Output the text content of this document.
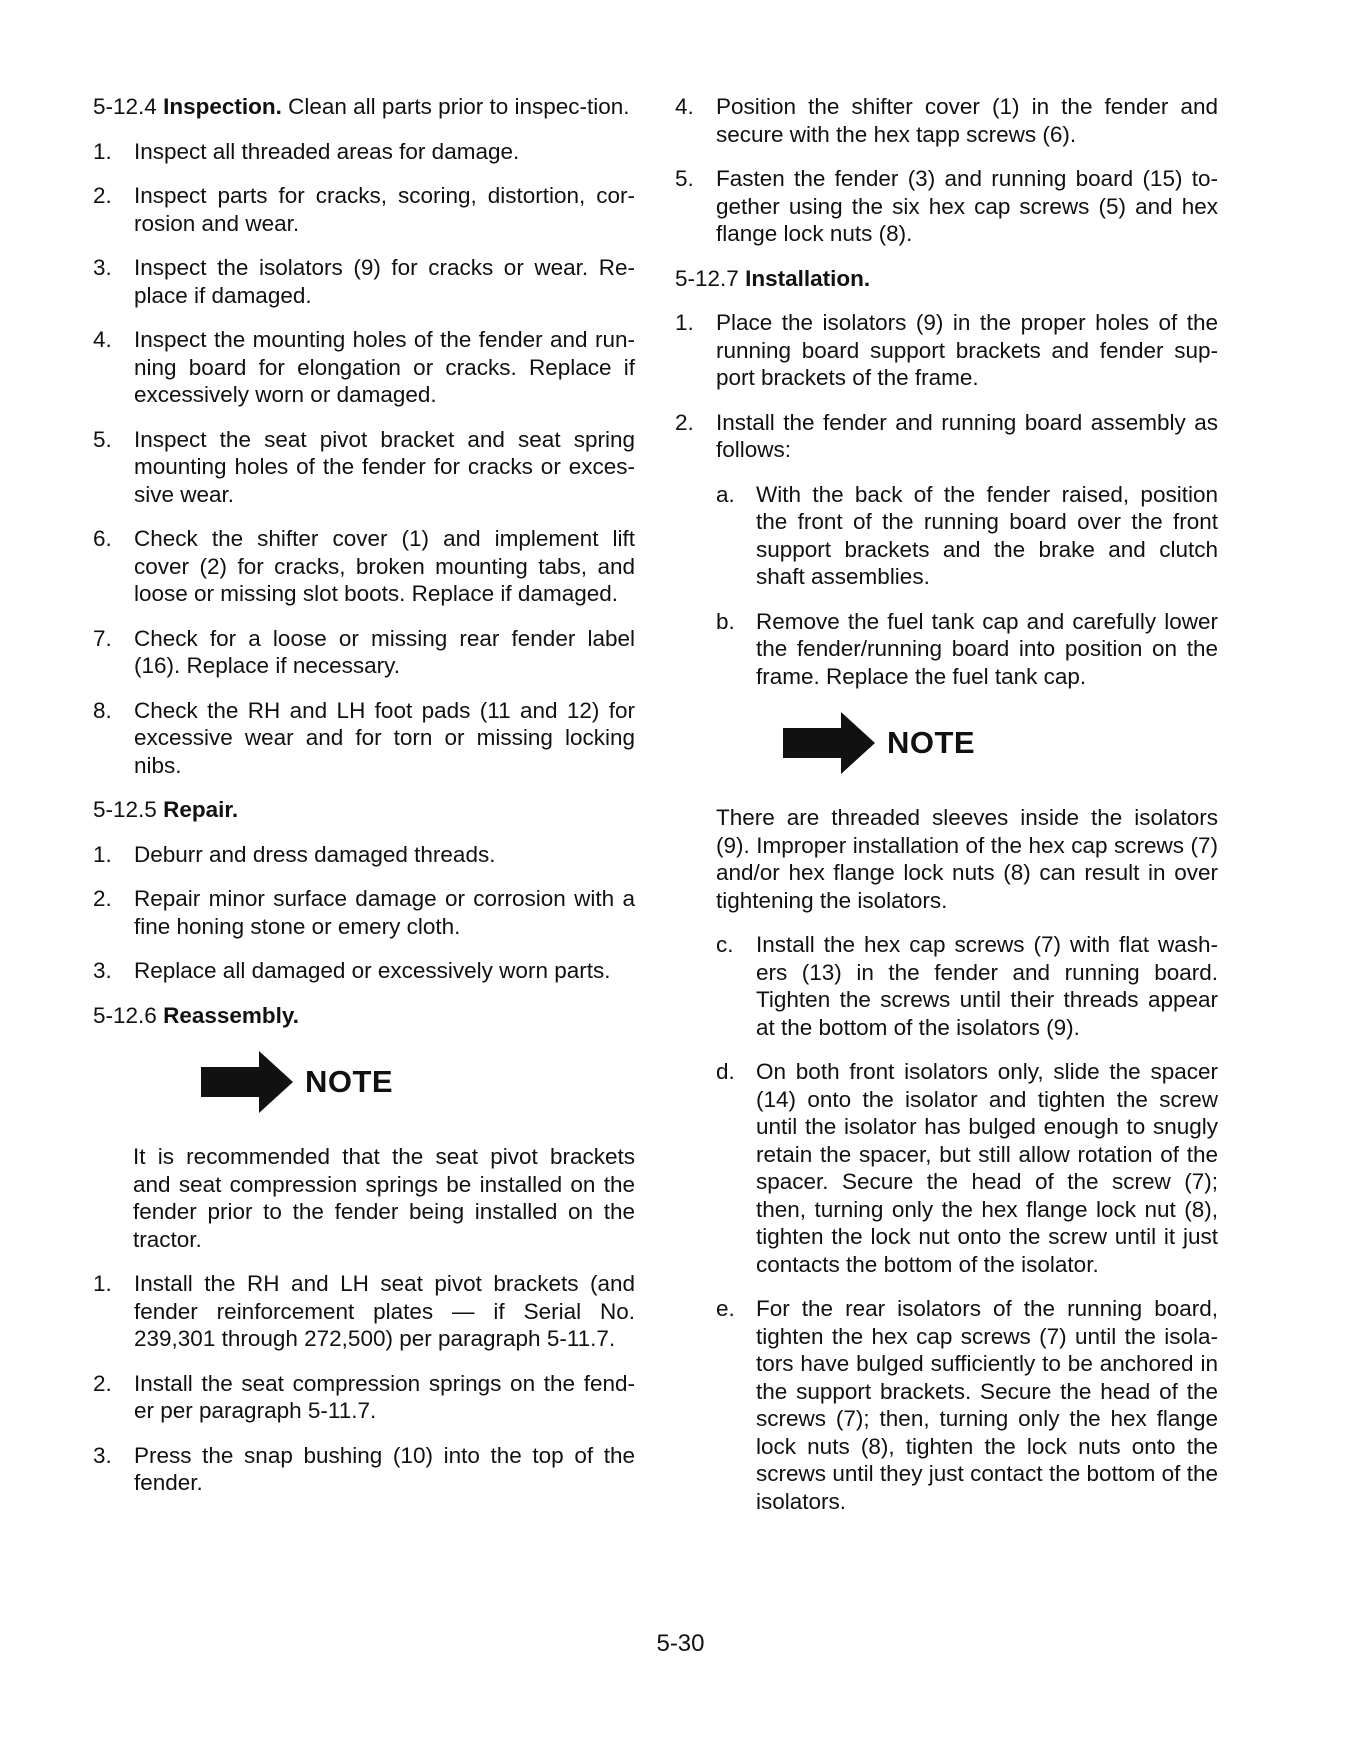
5-12.4 Inspection. Clean all parts prior to inspec-tion.
1. Inspect all threaded areas for damage.
2. Inspect parts for cracks, scoring, distortion, cor-rosion and wear.
3. Inspect the isolators (9) for cracks or wear. Re-place if damaged.
4. Inspect the mounting holes of the fender and run-ning board for elongation or cracks. Replace if excessively worn or damaged.
5. Inspect the seat pivot bracket and seat spring mounting holes of the fender for cracks or exces-sive wear.
6. Check the shifter cover (1) and implement lift cover (2) for cracks, broken mounting tabs, and loose or missing slot boots. Replace if damaged.
7. Check for a loose or missing rear fender label (16). Replace if necessary.
8. Check the RH and LH foot pads (11 and 12) for excessive wear and for torn or missing locking nibs.
5-12.5 Repair.
1. Deburr and dress damaged threads.
2. Repair minor surface damage or corrosion with a fine honing stone or emery cloth.
3. Replace all damaged or excessively worn parts.
5-12.6 Reassembly.
NOTE
It is recommended that the seat pivot brackets and seat compression springs be installed on the fender prior to the fender being installed on the tractor.
1. Install the RH and LH seat pivot brackets (and fender reinforcement plates — if Serial No. 239,301 through 272,500) per paragraph 5-11.7.
2. Install the seat compression springs on the fend-er per paragraph 5-11.7.
3. Press the snap bushing (10) into the top of the fender.
4. Position the shifter cover (1) in the fender and secure with the hex tapp screws (6).
5. Fasten the fender (3) and running board (15) to-gether using the six hex cap screws (5) and hex flange lock nuts (8).
5-12.7 Installation.
1. Place the isolators (9) in the proper holes of the running board support brackets and fender sup-port brackets of the frame.
2. Install the fender and running board assembly as follows:
a. With the back of the fender raised, position the front of the running board over the front support brackets and the brake and clutch shaft assemblies.
b. Remove the fuel tank cap and carefully lower the fender/running board into position on the frame. Replace the fuel tank cap.
NOTE
There are threaded sleeves inside the isolators (9). Improper installation of the hex cap screws (7) and/or hex flange lock nuts (8) can result in over tightening the isolators.
c. Install the hex cap screws (7) with flat wash-ers (13) in the fender and running board. Tighten the screws until their threads appear at the bottom of the isolators (9).
d. On both front isolators only, slide the spacer (14) onto the isolator and tighten the screw until the isolator has bulged enough to snugly retain the spacer, but still allow rotation of the spacer. Secure the head of the screw (7); then, turning only the hex flange lock nut (8), tighten the lock nut onto the screw until it just contacts the bottom of the isolator.
e. For the rear isolators of the running board, tighten the hex cap screws (7) until the isola-tors have bulged sufficiently to be anchored in the support brackets. Secure the head of the screws (7); then, turning only the hex flange lock nuts (8), tighten the lock nuts onto the screws until they just contact the bottom of the isolators.
5-30
